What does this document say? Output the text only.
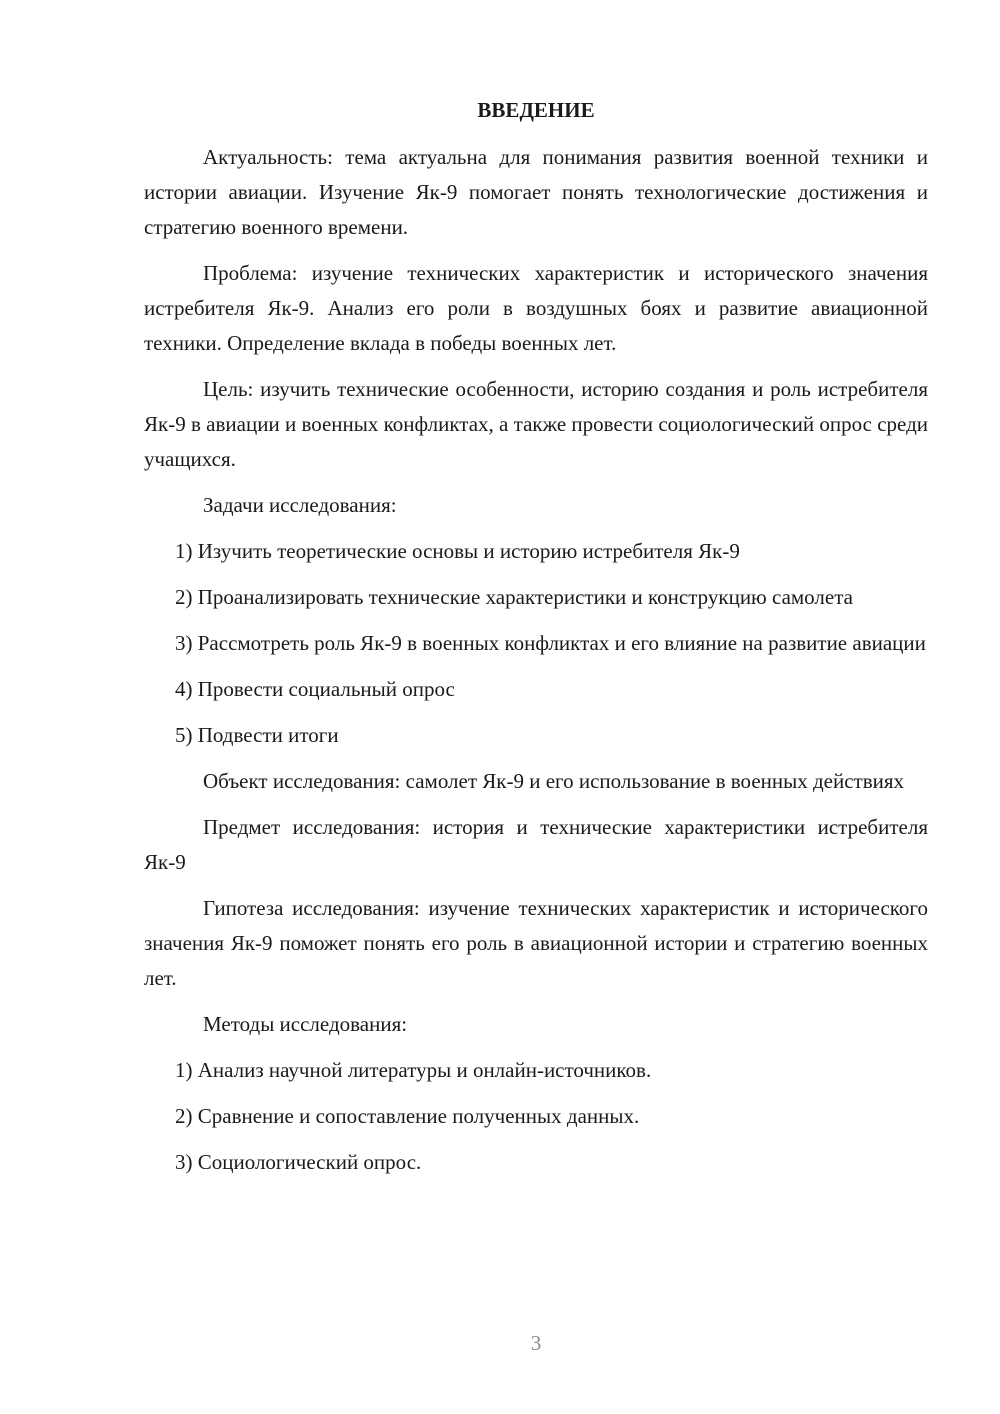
ВВЕДЕНИЕ

Актуальность: тема актуальна для понимания развития военной техники и истории авиации. Изучение Як-9 помогает понять технологические достижения и стратегию военного времени.

Проблема: изучение технических характеристик и исторического значения истребителя Як-9. Анализ его роли в воздушных боях и развитие авиационной техники. Определение вклада в победы военных лет.

Цель: изучить технические особенности, историю создания и роль истребителя Як-9 в авиации и военных конфликтах, а также провести социологический опрос среди учащихся.

Задачи исследования:

1) Изучить теоретические основы и историю истребителя Як-9

2) Проанализировать технические характеристики и конструкцию самолета

3) Рассмотреть роль Як-9 в военных конфликтах и его влияние на развитие авиации

4) Провести социальный опрос

5) Подвести итоги

Объект исследования: самолет Як-9 и его использование в военных действиях

Предмет исследования: история и технические характеристики истребителя Як-9

Гипотеза исследования: изучение технических характеристик и исторического значения Як-9 поможет понять его роль в авиационной истории и стратегию военных лет.

Методы исследования:

1) Анализ научной литературы и онлайн-источников.

2) Сравнение и сопоставление полученных данных.

3) Социологический опрос.

3
